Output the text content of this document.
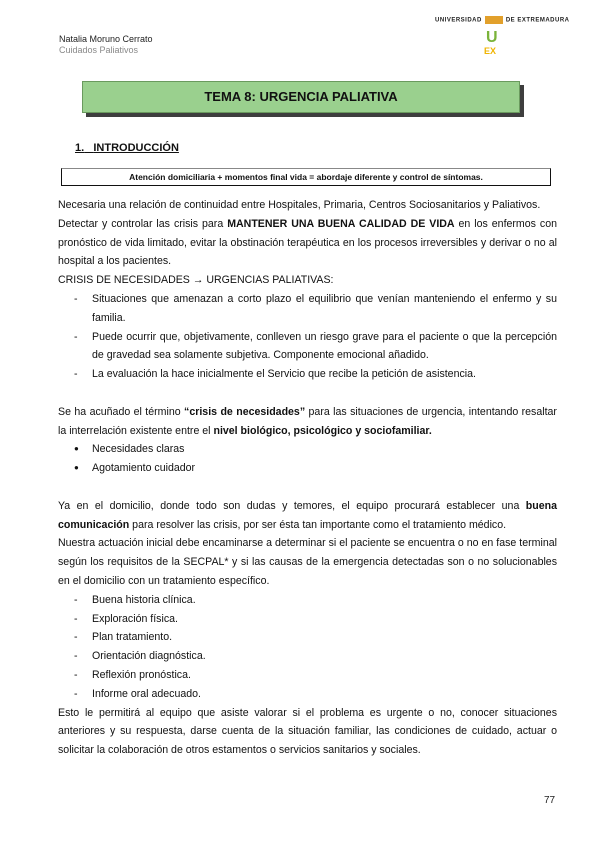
Natalia Moruno Cerrato
Cuidados Paliativos
UNIVERSIDAD	DE EXTREMADURA
U
EX
TEMA 8: URGENCIA PALIATIVA
1. INTRODUCCIÓN
Atención domiciliaria + momentos final vida = abordaje diferente y control de síntomas.

Necesaria una relación de continuidad entre Hospitales, Primaria, Centros Sociosanitarios y Paliativos.

Detectar y controlar las crisis para MANTENER UNA BUENA CALIDAD DE VIDA en los enfermos con pronóstico de vida limitado, evitar la obstinación terapéutica en los procesos irreversibles y derivar o no al hospital a los pacientes.

CRISIS DE NECESIDADES → URGENCIAS PALIATIVAS:

- Situaciones que amenazan a corto plazo el equilibrio que venían manteniendo el enfermo y su familia.
- Puede ocurrir que, objetivamente, conlleven un riesgo grave para el paciente o que la percepción de gravedad sea solamente subjetiva. Componente emocional añadido.
- La evaluación la hace inicialmente el Servicio que recibe la petición de asistencia.

Se ha acuñado el término “crisis de necesidades” para las situaciones de urgencia, intentando resaltar la interrelación existente entre el nivel biológico, psicológico y sociofamiliar.

● Necesidades claras
● Agotamiento cuidador

Ya en el domicilio, donde todo son dudas y temores, el equipo procurará establecer una buena comunicación para resolver las crisis, por ser ésta tan importante como el tratamiento médico.

Nuestra actuación inicial debe encaminarse a determinar si el paciente se encuentra o no en fase terminal según los requisitos de la SECPAL* y si las causas de la emergencia detectadas son o no solucionables en el domicilio con un tratamiento específico.

- Buena historia clínica.
- Exploración física.
- Plan tratamiento.
- Orientación diagnóstica.
- Reflexión pronóstica.
- Informe oral adecuado.

Esto le permitirá al equipo que asiste valorar si el problema es urgente o no, conocer situaciones anteriores y su respuesta, darse cuenta de la situación familiar, las condiciones de cuidado, actuar o solicitar la colaboración de otros estamentos o servicios sanitarios y sociales.

77
